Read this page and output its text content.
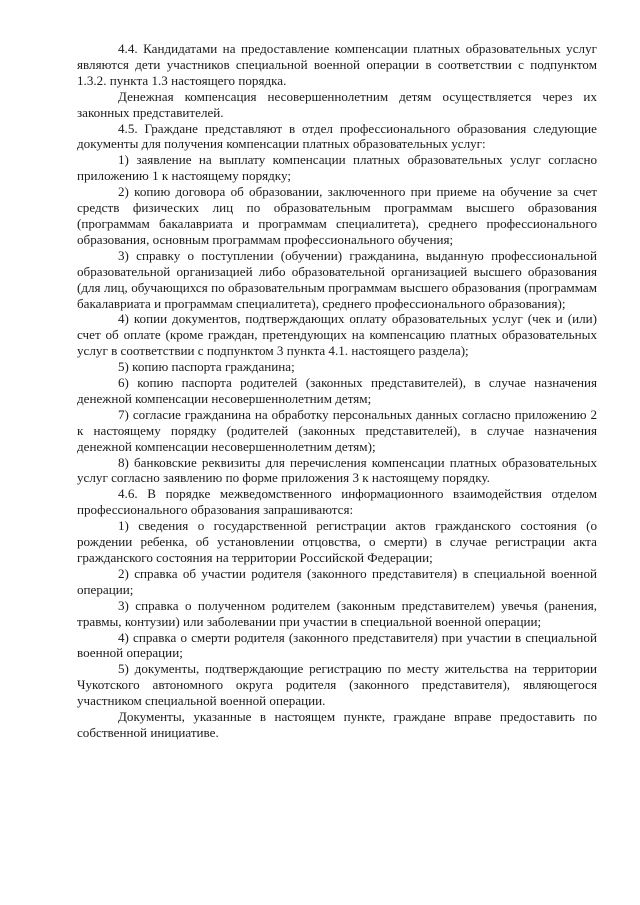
4.4. Кандидатами на предоставление компенсации платных образовательных услуг являются дети участников специальной военной операции в соответствии с подпунктом 1.3.2. пункта 1.3 настоящего порядка.

Денежная компенсация несовершеннолетним детям осуществляется через их законных представителей.

4.5. Граждане представляют в отдел профессионального образования следующие документы для получения компенсации платных образовательных услуг:

1) заявление на выплату компенсации платных образовательных услуг согласно приложению 1 к настоящему порядку;

2) копию договора об образовании, заключенного при приеме на обучение за счет средств физических лиц по образовательным программам высшего образования (программам бакалавриата и программам специалитета), среднего профессионального образования, основным программам профессионального обучения;

3) справку о поступлении (обучении) гражданина, выданную профессиональной образовательной организацией либо образовательной организацией высшего образования (для лиц, обучающихся по образовательным программам высшего образования (программам бакалавриата и программам специалитета), среднего профессионального образования);

4) копии документов, подтверждающих оплату образовательных услуг (чек и (или) счет об оплате (кроме граждан, претендующих на компенсацию платных образовательных услуг в соответствии с подпунктом 3 пункта 4.1. настоящего раздела);

5) копию паспорта гражданина;

6) копию паспорта родителей (законных представителей), в случае назначения денежной компенсации несовершеннолетним детям;

7) согласие гражданина на обработку персональных данных согласно приложению 2 к настоящему порядку (родителей (законных представителей), в случае назначения денежной компенсации несовершеннолетним детям);

8) банковские реквизиты для перечисления компенсации платных образовательных услуг согласно заявлению по форме приложения 3 к настоящему порядку.

4.6. В порядке межведомственного информационного взаимодействия отделом профессионального образования запрашиваются:

1) сведения о государственной регистрации актов гражданского состояния (о рождении ребенка, об установлении отцовства, о смерти) в случае регистрации акта гражданского состояния на территории Российской Федерации;

2) справка об участии родителя (законного представителя) в специальной военной операции;

3) справка о полученном родителем (законным представителем) увечья (ранения, травмы, контузии) или заболевании при участии в специальной военной операции;

4) справка о смерти родителя (законного представителя) при участии в специальной военной операции;

5) документы, подтверждающие регистрацию по месту жительства на территории Чукотского автономного округа родителя (законного представителя), являющегося участником специальной военной операции.

Документы, указанные в настоящем пункте, граждане вправе предоставить по собственной инициативе.
